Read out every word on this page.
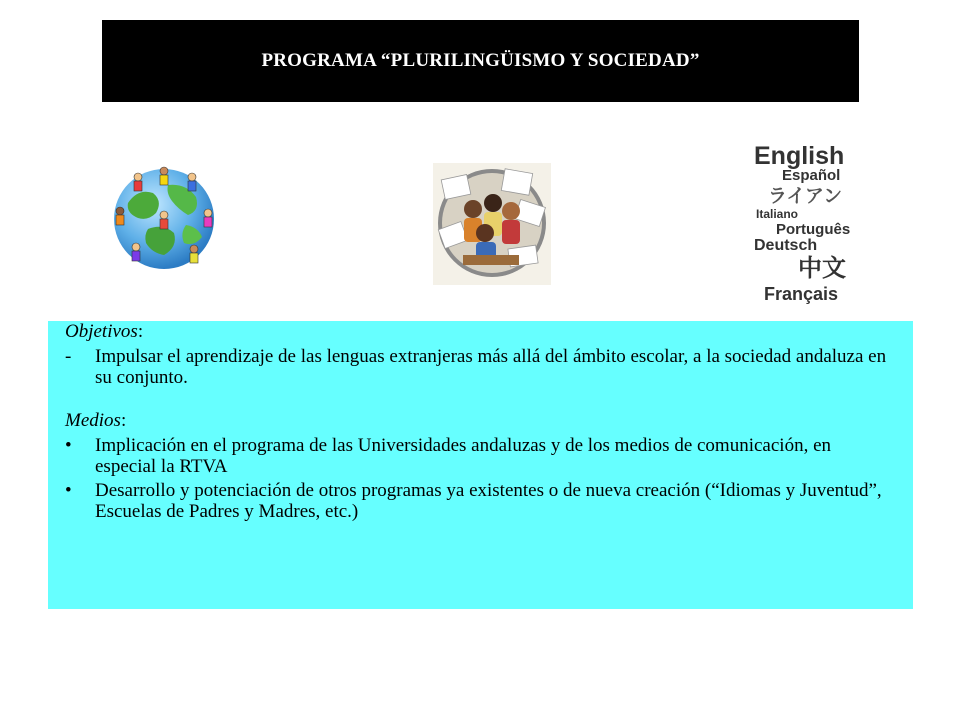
PROGRAMA “PLURILINGÜISMO Y SOCIEDAD”
English
Español
ライアン
Italiano
Português
Deutsch
中文
Français

Objetivos:

-	Impulsar el aprendizaje de las lenguas extranjeras más allá del ámbito escolar, a la sociedad andaluza en su conjunto.

Medios:

•	Implicación en el programa de las Universidades andaluzas y de los medios de comunicación, en especial la RTVA
•	Desarrollo y potenciación de otros programas ya existentes o de nueva creación (“Idiomas y Juventud”, Escuelas de Padres y Madres, etc.)
